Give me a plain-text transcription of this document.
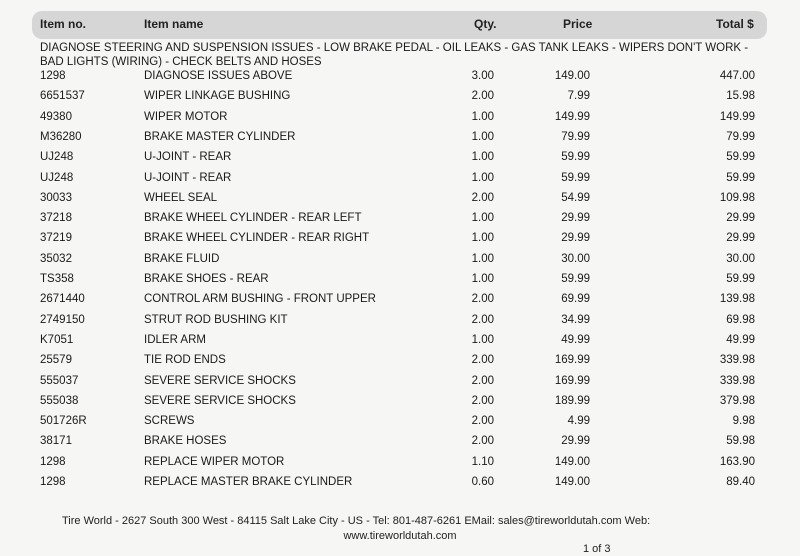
Item no.	Item name	Qty.	Price	Total $
DIAGNOSE STEERING AND SUSPENSION ISSUES - LOW BRAKE PEDAL - OIL LEAKS - GAS TANK LEAKS - WIPERS DON'T WORK - BAD LIGHTS (WIRING) - CHECK BELTS AND HOSES
1298	DIAGNOSE ISSUES ABOVE	3.00	149.00	447.00
6651537	WIPER LINKAGE BUSHING	2.00	7.99	15.98
49380	WIPER MOTOR	1.00	149.99	149.99
M36280	BRAKE MASTER CYLINDER	1.00	79.99	79.99
UJ248	U-JOINT - REAR	1.00	59.99	59.99
UJ248	U-JOINT - REAR	1.00	59.99	59.99
30033	WHEEL SEAL	2.00	54.99	109.98
37218	BRAKE WHEEL CYLINDER - REAR LEFT	1.00	29.99	29.99
37219	BRAKE WHEEL CYLINDER - REAR RIGHT	1.00	29.99	29.99
35032	BRAKE FLUID	1.00	30.00	30.00
TS358	BRAKE SHOES - REAR	1.00	59.99	59.99
2671440	CONTROL ARM BUSHING - FRONT UPPER	2.00	69.99	139.98
2749150	STRUT ROD BUSHING KIT	2.00	34.99	69.98
K7051	IDLER ARM	1.00	49.99	49.99
25579	TIE ROD ENDS	2.00	169.99	339.98
555037	SEVERE SERVICE SHOCKS	2.00	169.99	339.98
555038	SEVERE SERVICE SHOCKS	2.00	189.99	379.98
501726R	SCREWS	2.00	4.99	9.98
38171	BRAKE HOSES	2.00	29.99	59.98
1298	REPLACE WIPER MOTOR	1.10	149.00	163.90
1298	REPLACE MASTER BRAKE CYLINDER	0.60	149.00	89.40
Tire World - 2627 South 300 West - 84115 Salt Lake City - US - Tel: 801-487-6261 EMail: sales@tireworldutah.com Web:
www.tireworldutah.com
1 of 3
